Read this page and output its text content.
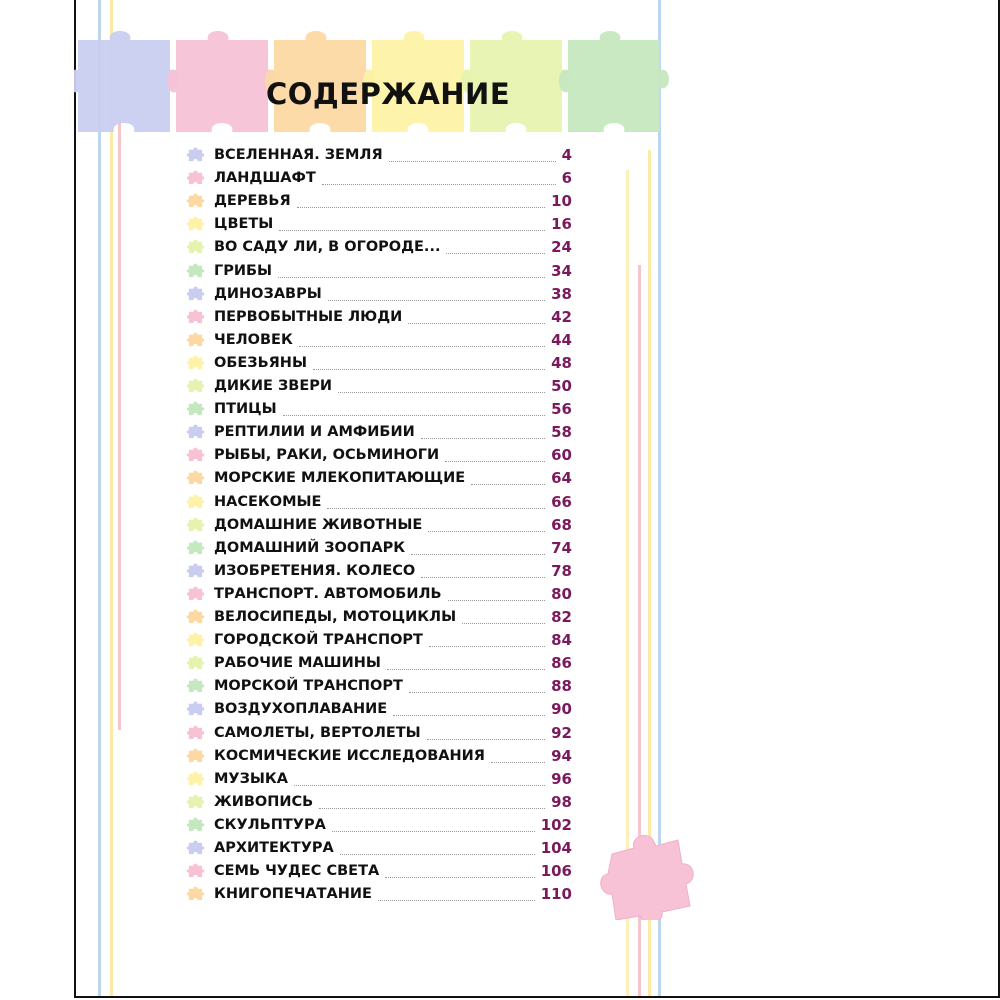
СОДЕРЖАНИЕ
ВСЕЛЕННАЯ. ЗЕМЛЯ	4
ЛАНДШАФТ	6
ДЕРЕВЬЯ	10
ЦВЕТЫ	16
ВО САДУ ЛИ, В ОГОРОДЕ...	24
ГРИБЫ	34
ДИНОЗАВРЫ	38
ПЕРВОБЫТНЫЕ ЛЮДИ	42
ЧЕЛОВЕК	44
ОБЕЗЬЯНЫ	48
ДИКИЕ ЗВЕРИ	50
ПТИЦЫ	56
РЕПТИЛИИ И АМФИБИИ	58
РЫБЫ, РАКИ, ОСЬМИНОГИ	60
МОРСКИЕ МЛЕКОПИТАЮЩИЕ	64
НАСЕКОМЫЕ	66
ДОМАШНИЕ ЖИВОТНЫЕ	68
ДОМАШНИЙ ЗООПАРК	74
ИЗОБРЕТЕНИЯ. КОЛЕСО	78
ТРАНСПОРТ. АВТОМОБИЛЬ	80
ВЕЛОСИПЕДЫ, МОТОЦИКЛЫ	82
ГОРОДСКОЙ ТРАНСПОРТ	84
РАБОЧИЕ МАШИНЫ	86
МОРСКОЙ ТРАНСПОРТ	88
ВОЗДУХОПЛАВАНИЕ	90
САМОЛЕТЫ, ВЕРТОЛЕТЫ	92
КОСМИЧЕСКИЕ ИССЛЕДОВАНИЯ	94
МУЗЫКА	96
ЖИВОПИСЬ	98
СКУЛЬПТУРА	102
АРХИТЕКТУРА	104
СЕМЬ ЧУДЕС СВЕТА	106
КНИГОПЕЧАТАНИЕ	110
